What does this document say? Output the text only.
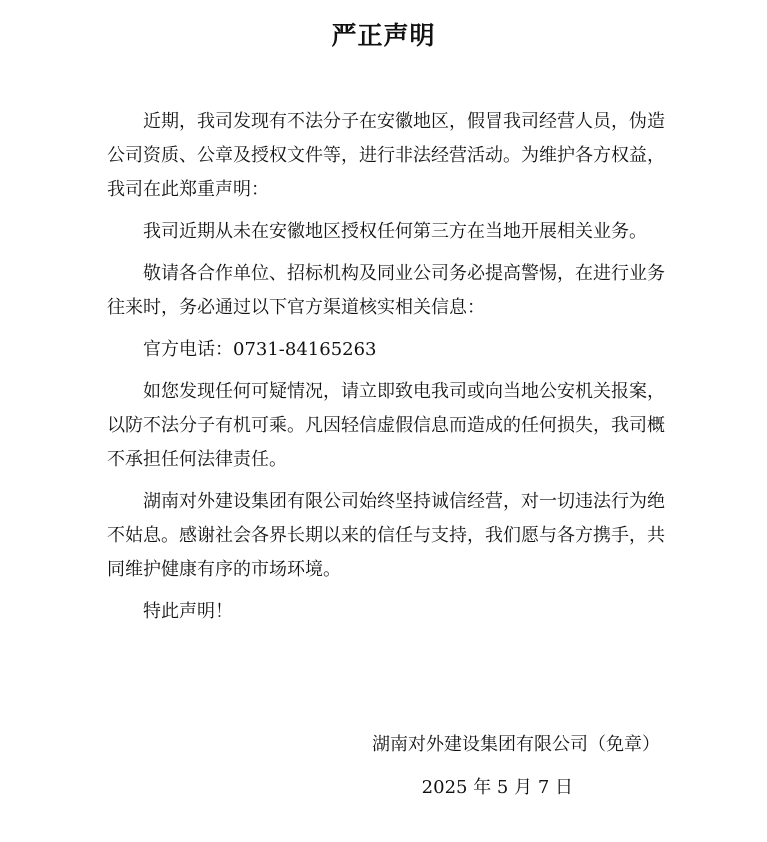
严正声明

近期，我司发现有不法分子在安徽地区，假冒我司经营人员，伪造公司资质、公章及授权文件等，进行非法经营活动。为维护各方权益，我司在此郑重声明：

我司近期从未在安徽地区授权任何第三方在当地开展相关业务。

敬请各合作单位、招标机构及同业公司务必提高警惕，在进行业务往来时，务必通过以下官方渠道核实相关信息：

官方电话：0731-84165263

如您发现任何可疑情况，请立即致电我司或向当地公安机关报案，以防不法分子有机可乘。凡因轻信虚假信息而造成的任何损失，我司概不承担任何法律责任。

湖南对外建设集团有限公司始终坚持诚信经营，对一切违法行为绝不姑息。感谢社会各界长期以来的信任与支持，我们愿与各方携手，共同维护健康有序的市场环境。

特此声明！

湖南对外建设集团有限公司（免章）

2025 年 5 月 7 日
